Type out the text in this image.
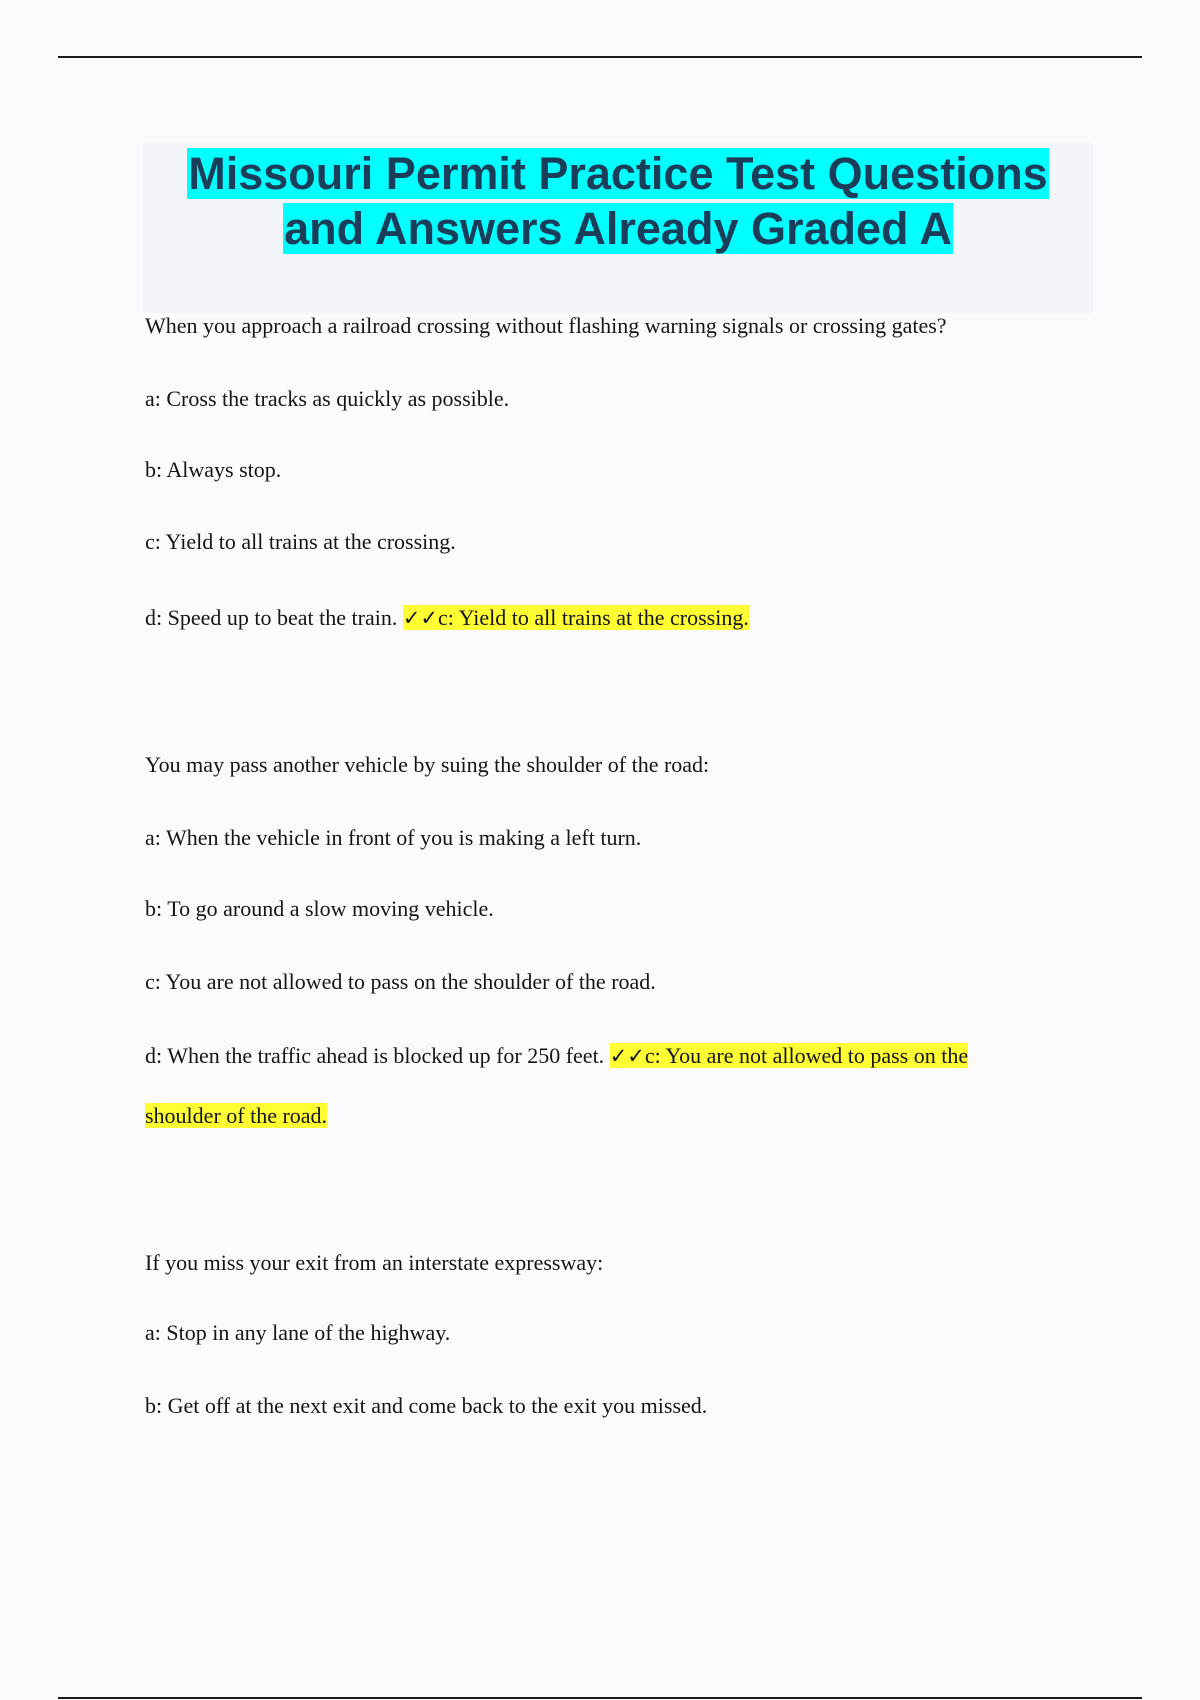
Missouri Permit Practice Test Questions
and Answers Already Graded A
When you approach a railroad crossing without flashing warning signals or crossing gates?
a: Cross the tracks as quickly as possible.
b: Always stop.
c: Yield to all trains at the crossing.
d: Speed up to beat the train. ✓✓c: Yield to all trains at the crossing.
You may pass another vehicle by suing the shoulder of the road:
a: When the vehicle in front of you is making a left turn.
b: To go around a slow moving vehicle.
c: You are not allowed to pass on the shoulder of the road.
d: When the traffic ahead is blocked up for 250 feet. ✓✓c: You are not allowed to pass on the
shoulder of the road.
If you miss your exit from an interstate expressway:
a: Stop in any lane of the highway.
b: Get off at the next exit and come back to the exit you missed.
